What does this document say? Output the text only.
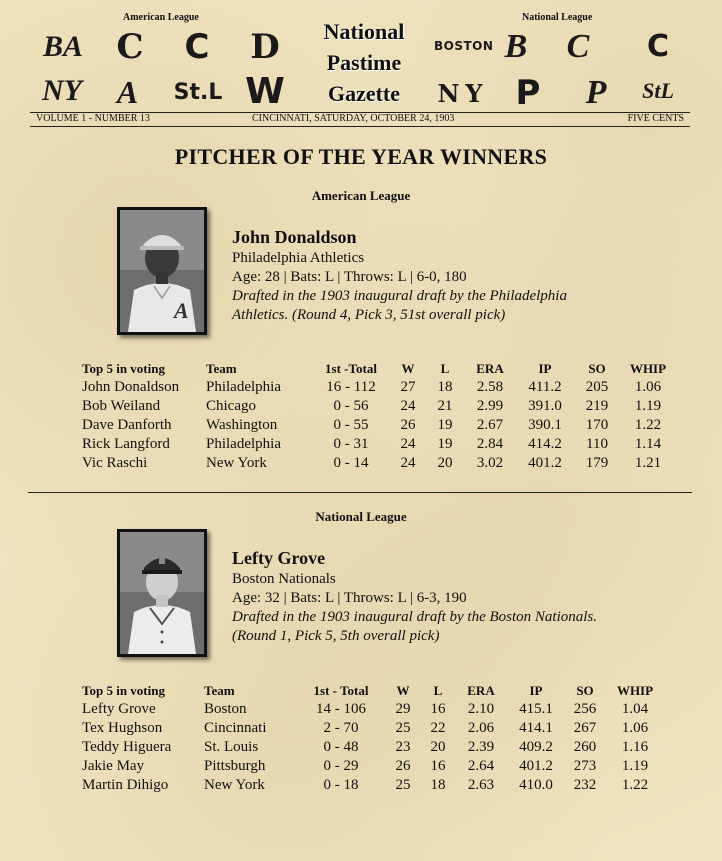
American League	National League
BA C	C	D
NY	A	St.L W
National
Pastime
Gazette
BOSTON B C C
NY P P	StL
VOLUME 1 - NUMBER 13	CINCINNATI, SATURDAY, OCTOBER 24, 1903	FIVE CENTS
PITCHER OF THE YEAR WINNERS
American League
A
John Donaldson
Philadelphia Athletics
Age: 28 | Bats: L | Throws: L | 6-0, 180
Drafted in the 1903 inaugural draft by the Philadelphia Athletics. (Round 4, Pick 3, 51st overall pick)
Top 5 in voting	Team	1st -Total	W	L	ERA	IP	SO	WHIP
John Donaldson	Philadelphia	16 - 112	27	18	2.58	411.2	205	1.06
Bob Weiland	Chicago	0 - 56	24	21	2.99	391.0	219	1.19
Dave Danforth	Washington	0 - 55	26	19	2.67	390.1	170	1.22
Rick Langford	Philadelphia	0 - 31	24	19	2.84	414.2	110	1.14
Vic Raschi	New York	0 - 14	24	20	3.02	401.2	179	1.21
National League
Lefty Grove
Boston Nationals
Age: 32 | Bats: L | Throws: L | 6-3, 190
Drafted in the 1903 inaugural draft by the Boston Nationals. (Round 1, Pick 5, 5th overall pick)
Top 5 in voting	Team	1st - Total	W	L	ERA	IP	SO	WHIP
Lefty Grove	Boston	14 - 106	29	16	2.10	415.1	256	1.04
Tex Hughson	Cincinnati	2 - 70	25	22	2.06	414.1	267	1.06
Teddy Higuera	St. Louis	0 - 48	23	20	2.39	409.2	260	1.16
Jakie May	Pittsburgh	0 - 29	26	16	2.64	401.2	273	1.19
Martin Dihigo	New York	0 - 18	25	18	2.63	410.0	232	1.22
